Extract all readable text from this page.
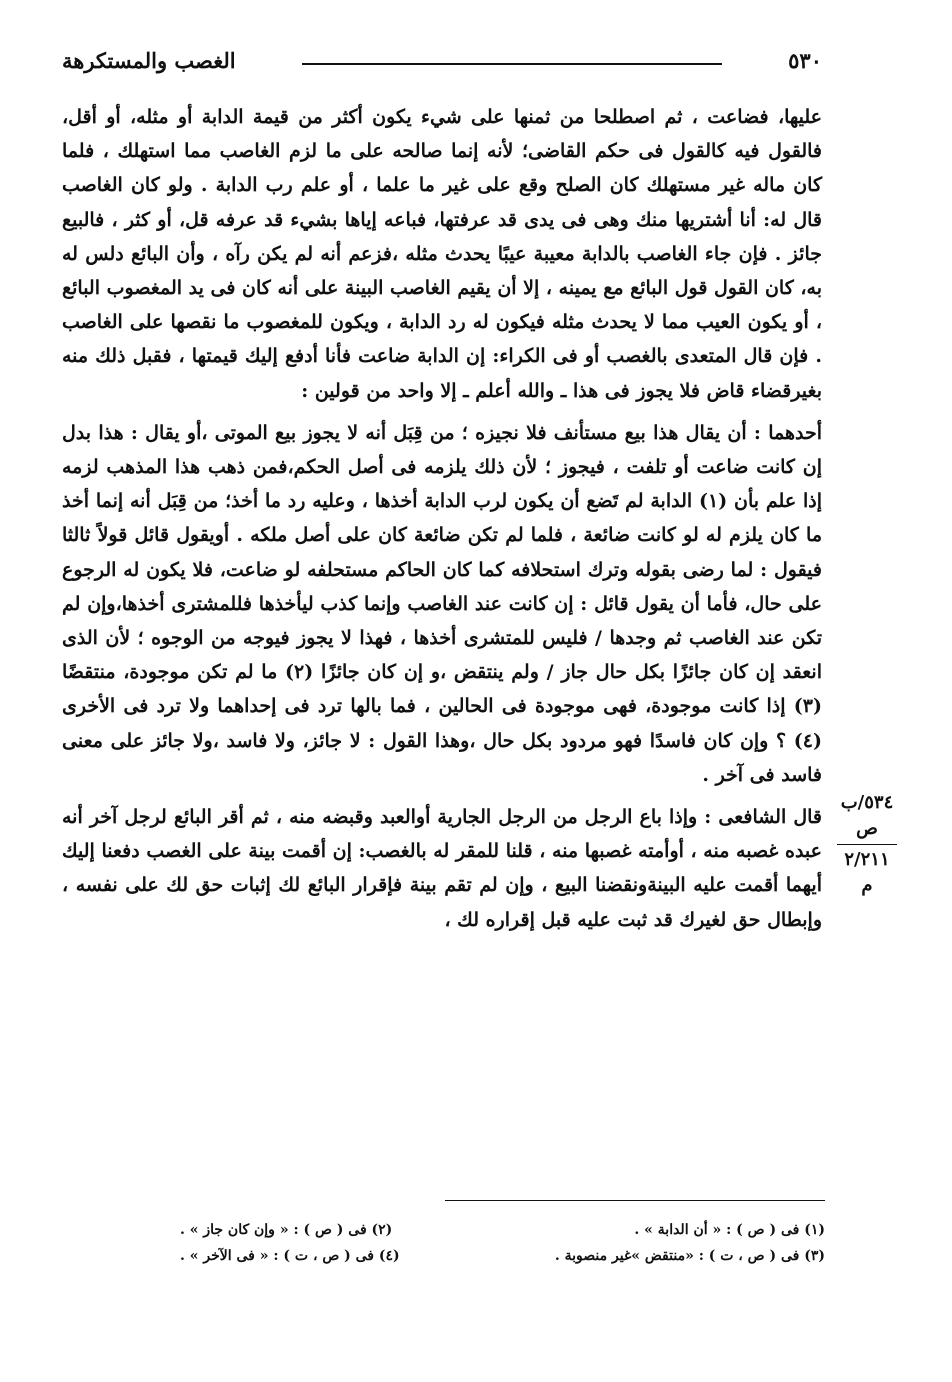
٥٣٠
الغصب والمستكرهة

عليها، فضاعت ، ثم اصطلحا من ثمنها على شيء يكون أكثر من قيمة الدابة أو مثله، أو أقل، فالقول فيه كالقول فى حكم القاضى؛ لأنه إنما صالحه على ما لزم الغاصب مما استهلك ، فلما كان ماله غير مستهلك كان الصلح وقع على غير ما علما ، أو علم رب الدابة . ولو كان الغاصب قال له: أنا أشتريها منك وهى فى يدى قد عرفتها، فباعه إياها بشيء قد عرفه قل، أو كثر ، فالبيع جائز . فإن جاء الغاصب بالدابة معيبة عيبًا يحدث مثله ،فزعم أنه لم يكن رآه ، وأن البائع دلس له به، كان القول قول البائع مع يمينه ، إلا أن يقيم الغاصب البينة على أنه كان فى يد المغصوب البائع ، أو يكون العيب مما لا يحدث مثله فيكون له رد الدابة ، ويكون للمغصوب ما نقصها على الغاصب . فإن قال المتعدى بالغصب أو فى الكراء: إن الدابة ضاعت فأنا أدفع إليك قيمتها ، فقبل ذلك منه بغيرقضاء قاض فلا يجوز فى هذا ـ والله أعلم ـ إلا واحد من قولين :

أحدهما : أن يقال هذا بيع مستأنف فلا نجيزه ؛ من قِبَل أنه لا يجوز بيع الموتى ،أو يقال : هذا بدل إن كانت ضاعت أو تلفت ، فيجوز ؛ لأن ذلك يلزمه فى أصل الحكم،فمن ذهب هذا المذهب لزمه إذا علم بأن (١) الدابة لم تَضع أن يكون لرب الدابة أخذها ، وعليه رد ما أخذ؛ من قِبَل أنه إنما أخذ ما كان يلزم له لو كانت ضائعة ، فلما لم تكن ضائعة كان على أصل ملكه . أويقول قائل قولاً ثالثا فيقول : لما رضى بقوله وترك استحلافه كما كان الحاكم مستحلفه لو ضاعت، فلا يكون له الرجوع على حال، فأما أن يقول قائل : إن كانت عند الغاصب وإنما كذب ليأخذها فللمشترى أخذها،وإن لم تكن عند الغاصب ثم وجدها / فليس للمتشرى أخذها ، فهذا لا يجوز فيوجه من الوجوه ؛ لأن الذى انعقد إن كان جائزًا بكل حال جاز / ولم ينتقض ،و إن كان جائزًا (٢) ما لم تكن موجودة، منتقضًا (٣) إذا كانت موجودة، فهى موجودة فى الحالين ، فما بالها ترد فى إحداهما ولا ترد فى الأخرى (٤) ؟ وإن كان فاسدًا فهو مردود بكل حال ،وهذا القول : لا جائز، ولا فاسد ،ولا جائز على معنى فاسد فى آخر .

قال الشافعى : وإذا باع الرجل من الرجل الجارية أوالعبد وقبضه منه ، ثم أقر البائع لرجل آخر أنه عبده غصبه منه ، أوأمته غصبها منه ، قلنا للمقر له بالغصب: إن أقمت بينة على الغصب دفعنا إليك أيهما أقمت عليه البينةونقضنا البيع ، وإن لم تقم بينة فإقرار البائع لك إثبات حق لك على نفسه ، وإبطال حق لغيرك قد ثبت عليه قبل إقراره لك ،

٥٣٤/ب
ص
٢/٢١١
م
(١) فى ( ص ) : « أن الدابة » .
(٢) فى ( ص ) : « وإن كان جاز » .
(٣) فى ( ص ، ت ) : «منتقض »غير منصوبة .
(٤) فى ( ص ، ت ) : « فى الآخر » .
